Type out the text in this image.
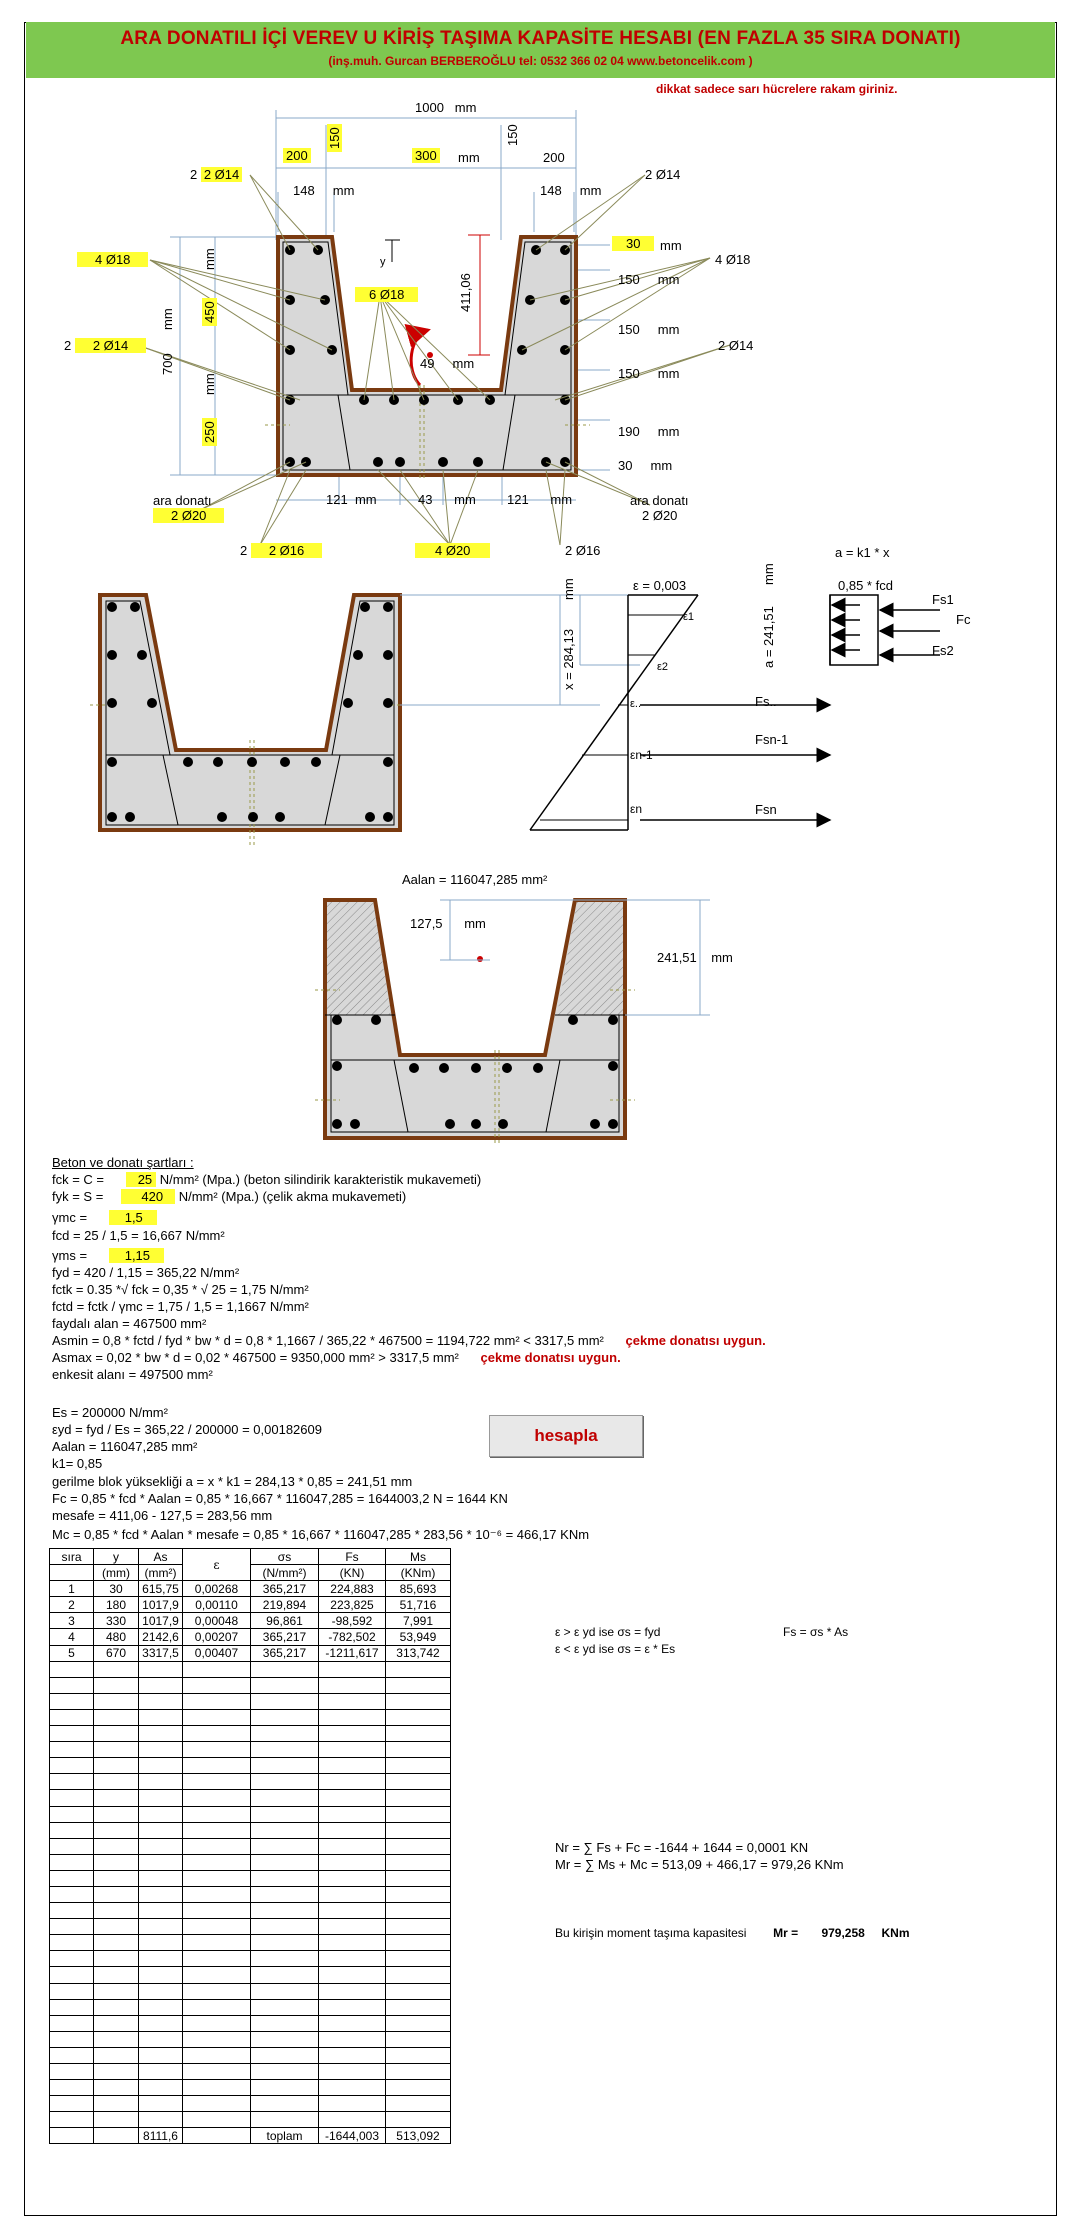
ARA DONATILI İÇİ VEREV U KİRİŞ TAŞIMA KAPASİTE HESABI (EN FAZLA 35 SIRA DONATI)
(inş.muh. Gurcan BERBEROĞLU tel: 0532 366 02 04 www.betoncelik.com )
dikkat sadece sarı hücrelere rakam giriniz.
1000 mm
200	300 mm	200
150	150
148 mm	148 mm
2 2 Ø14	2 Ø14
4 Ø18	4 Ø18
2 2 Ø14	2 Ø14
6 Ø18
700
mm 450
mm
250
mm
30	mm
150 mm
150 mm
150 mm
190 mm
30 mm
411,06
49 mm
y
121 mm	43 mm 121 mm
ara donatı
2 Ø20
ara donatı
2 Ø20
2 2 Ø16	4 Ø20	2 Ø16	a = k1 * x
ε = 0,003	0,85 * fcd
x = 284,13
mm
a = 241,51
mm
ε1
ε2
ε..
εn-1
εn
Fs1
Fc
Fs2
Fs..
Fsn-1
Fsn
Aalan = 116047,285 mm²
127,5 mm
241,51 mm
Beton ve donatı şartları :
fck = C =	25 N/mm² (Mpa.) (beton silindirik karakteristik mukavemeti)
fyk = S =	420 N/mm² (Mpa.) (çelik akma mukavemeti)
γmc =	1,5
fcd = 25 / 1,5 = 16,667 N/mm²
γms =	1,15
fyd = 420 / 1,15 = 365,22 N/mm²
fctk = 0.35 *√ fck = 0,35 * √ 25 = 1,75 N/mm²
fctd = fctk / γmc = 1,75 / 1,5 = 1,1667 N/mm²
faydalı alan = 467500 mm²
Asmin = 0,8 * fctd / fyd * bw * d = 0,8 * 1,1667 / 365,22 * 467500 = 1194,722 mm² < 3317,5 mm² çekme donatısı uygun.
Asmax = 0,02 * bw * d = 0,02 * 467500 = 9350,000 mm² > 3317,5 mm² çekme donatısı uygun.
enkesit alanı = 497500 mm²
Es = 200000 N/mm²
εyd = fyd / Es = 365,22 / 200000 = 0,00182609
Aalan = 116047,285 mm²
k1= 0,85
gerilme blok yüksekliği a = x * k1 = 284,13 * 0,85 = 241,51 mm
Fc = 0,85 * fcd * Aalan = 0,85 * 16,667 * 116047,285 = 1644003,2 N = 1644 KN
mesafe = 411,06 - 127,5 = 283,56 mm
Mc = 0,85 * fcd * Aalan * mesafe = 0,85 * 16,667 * 116047,285 * 283,56 * 10⁻⁶ = 466,17 KNm
hesapla
sıra	y	As	ε	σs	Fs	Ms
	(mm)	(mm²)		(N/mm²)	(KN)	(KNm)
1	30	615,75	0,00268	365,217	224,883	85,693
2	180	1017,9	0,00110	219,894	223,825	51,716
3	330	1017,9	0,00048	96,861	-98,592	7,991
4	480	2142,6	0,00207	365,217	-782,502	53,949
5	670	3317,5	0,00407	365,217	-1211,617	313,742

		8111,6		toplam	-1644,003	513,092
ε > ε yd ise σs = fyd	Fs = σs * As
ε < ε yd ise σs = ε * Es
Nr = ∑ Fs + Fc = -1644 + 1644 = 0,0001 KN
Mr = ∑ Ms + Mc = 513,09 + 466,17 = 979,26 KNm
Bu kirişin moment taşıma kapasitesi Mr = 979,258 KNm
